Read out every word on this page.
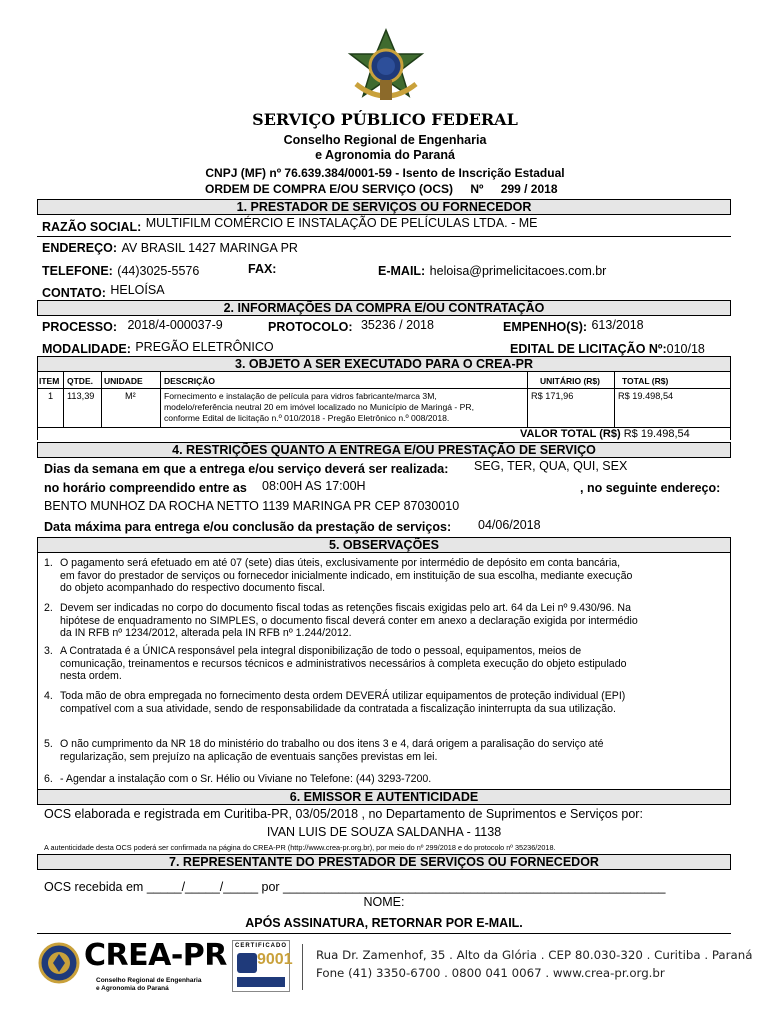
SERVIÇO PÚBLICO FEDERAL
Conselho Regional de Engenharia
e Agronomia do Paraná
CNPJ (MF) nº 76.639.384/0001-59 - Isento de Inscrição Estadual
ORDEM DE COMPRA E/OU SERVIÇO (OCS) Nº 299 / 2018
1. PRESTADOR DE SERVIÇOS OU FORNECEDOR
RAZÃO SOCIAL: $^{MULTIFILM COMÉRCIO E INSTALAÇÃO DE PELÍCULAS LTDA. - ME}$
ENDEREÇO: AV BRASIL 1427 MARINGA PR
TELEFONE: (44)3025-5576	FAX:	E-MAIL: heloisa@primelicitacoes.com.br
CONTATO: HELOÍSA
2. INFORMAÇÕES DA COMPRA E/OU CONTRATAÇÃO
PROCESSO: 2018/4-000037-9	PROTOCOLO: 35236 / 2018	EMPENHO(S): 613/2018
MODALIDADE: PREGÃO ELETRÔNICO	EDITAL DE LICITAÇÃO Nº:010/18
3. OBJETO A SER EXECUTADO PARA O CREA-PR
ITEM QTDE. UNIDADE	DESCRIÇÃO	UNITÁRIO (R$)	TOTAL (R$)
1 113,39	M²	Fornecimento e instalação de película para vidros fabricante/marca 3M,
modelo/referência neutral 20 em imóvel localizado no Município de Maringá - PR,
conforme Edital de licitação n.º 010/2018 - Pregão Eletrônico n.º 008/2018.
R$ 171,96	R$ 19.498,54
VALOR TOTAL (R$) R$ 19.498,54
4. RESTRIÇÕES QUANTO A ENTREGA E/OU PRESTAÇÃO DE SERVIÇO
Dias da semana em que a entrega e/ou serviço deverá ser realizada: SEG, TER, QUA, QUI, SEX
no horário compreendido entre as 08:00H AS 17:00H	, no seguinte endereço:
BENTO MUNHOZ DA ROCHA NETTO 1139 MARINGA PR CEP 87030010
Data máxima para entrega e/ou conclusão da prestação de serviços: 04/06/2018
5. OBSERVAÇÕES
1. O pagamento será efetuado em até 07 (sete) dias úteis, exclusivamente por intermédio de depósito em conta bancária,
em favor do prestador de serviços ou fornecedor inicialmente indicado, em instituição de sua escolha, mediante execução
do objeto acompanhado do respectivo documento fiscal.
2. Devem ser indicadas no corpo do documento fiscal todas as retenções fiscais exigidas pelo art. 64 da Lei nº 9.430/96. Na
hipótese de enquadramento no SIMPLES, o documento fiscal deverá conter em anexo a declaração exigida por intermédio
da IN RFB nº 1234/2012, alterada pela IN RFB nº 1.244/2012.
3. A Contratada é a ÚNICA responsável pela integral disponibilização de todo o pessoal, equipamentos, meios de
comunicação, treinamentos e recursos técnicos e administrativos necessários à completa execução do objeto estipulado
nesta ordem.
4. Toda mão de obra empregada no fornecimento desta ordem DEVERÁ utilizar equipamentos de proteção individual (EPI)
compatível com a sua atividade, sendo de responsabilidade da contratada a fiscalização ininterrupta da sua utilização.
5. O não cumprimento da NR 18 do ministério do trabalho ou dos itens 3 e 4, dará origem a paralisação do serviço até
regularização, sem prejuízo na aplicação de eventuais sanções previstas em lei.
6. - Agendar a instalação com o Sr. Hélio ou Viviane no Telefone: (44) 3293-7200.
6. EMISSOR E AUTENTICIDADE
OCS elaborada e registrada em Curitiba-PR, 03/05/2018 , no Departamento de Suprimentos e Serviços por:
IVAN LUIS DE SOUZA SALDANHA - 1138
A autenticidade desta OCS poderá ser confirmada na página do CREA-PR (http://www.crea-pr.org.br), por meio do nº 299/2018 e do protocolo nº 35236/2018.
7. REPRESENTANTE DO PRESTADOR DE SERVIÇOS OU FORNECEDOR
OCS recebida em _____/_____/_____ por _______________________________________________________
NOME:
APÓS ASSINATURA, RETORNAR POR E-MAIL.
CREA-PR
Conselho Regional de Engenharia
e Agronomia do Paraná
CERTIFICADO
9001 Rua Dr. Zamenhof, 35 . Alto da Glória . CEP 80.030-320 . Curitiba . Paraná
Fone (41) 3350-6700 . 0800 041 0067 . www.crea-pr.org.br
